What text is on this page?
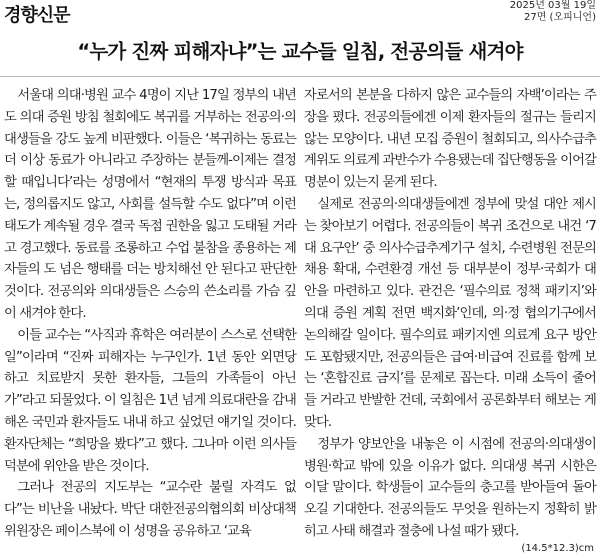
경향신문	2025년 03월 19일
27면 (오피니언)
“누가 진짜 피해자냐”는 교수들 일침, 전공의들 새겨야

서울대 의대·병원 교수 4명이 지난 17일 정부의 내년도 의대 증원 방침 철회에도 복귀를 거부하는 전공의·의대생들을 강도 높게 비판했다. 이들은 ‘복귀하는 동료는 더 이상 동료가 아니라고 주장하는 분들께-이제는 결정할 때입니다’라는 성명에서 “현재의 투쟁 방식과 목표는, 정의롭지도 않고, 사회를 설득할 수도 없다”며 이런 태도가 계속될 경우 결국 독점 권한을 잃고 도태될 거라고 경고했다. 동료를 조롱하고 수업 불참을 종용하는 제자들의 도 넘은 행태를 더는 방치해선 안 된다고 판단한 것이다. 전공의와 의대생들은 스승의 쓴소리를 가슴 깊이 새겨야 한다.

이들 교수는 “사직과 휴학은 여러분이 스스로 선택한 일”이라며 “진짜 피해자는 누구인가. 1년 동안 외면당하고 치료받지 못한 환자들, 그들의 가족들이 아닌가”라고 되물었다. 이 일침은 1년 넘게 의료대란을 감내해온 국민과 환자들도 내내 하고 싶었던 얘기일 것이다. 환자단체는 “희망을 봤다”고 했다. 그나마 이런 의사들 덕분에 위안을 받은 것이다.

그러나 전공의 지도부는 “교수란 불릴 자격도 없다”는 비난을 내놨다. 박단 대한전공의협의회 비상대책위원장은 페이스북에 이 성명을 공유하고 ‘교육

자로서의 본분을 다하지 않은 교수들의 자백’이라는 주장을 폈다. 전공의들에겐 이제 환자들의 절규는 들리지 않는 모양이다. 내년 모집 증원이 철회되고, 의사수급추계위도 의료계 과반수가 수용됐는데 집단행동을 이어갈 명분이 있는지 묻게 된다.

실제로 전공의·의대생들에겐 정부에 맞설 대안 제시는 찾아보기 어렵다. 전공의들이 복귀 조건으로 내건 ‘7대 요구안’ 중 의사수급추계기구 설치, 수련병원 전문의 채용 확대, 수련환경 개선 등 대부분이 정부·국회가 대안을 마련하고 있다. 관건은 ‘필수의료 정책 패키지’와 의대 증원 계획 전면 백지화’인데, 의·정 협의기구에서 논의해갈 일이다. 필수의료 패키지엔 의료계 요구 방안도 포함됐지만, 전공의들은 급여·비급여 진료를 함께 보는 ‘혼합진료 금지’를 문제로 꼽는다. 미래 소득이 줄어들 거라고 반발한 건데, 국회에서 공론화부터 해보는 게 맞다.

정부가 양보안을 내놓은 이 시점에 전공의·의대생이 병원·학교 밖에 있을 이유가 없다. 의대생 복귀 시한은 이달 말이다. 학생들이 교수들의 충고를 받아들여 돌아오길 기대한다. 전공의들도 무엇을 원하는지 정확히 밝히고 사태 해결과 절충에 나설 때가 됐다.

(14.5*12.3)cm
